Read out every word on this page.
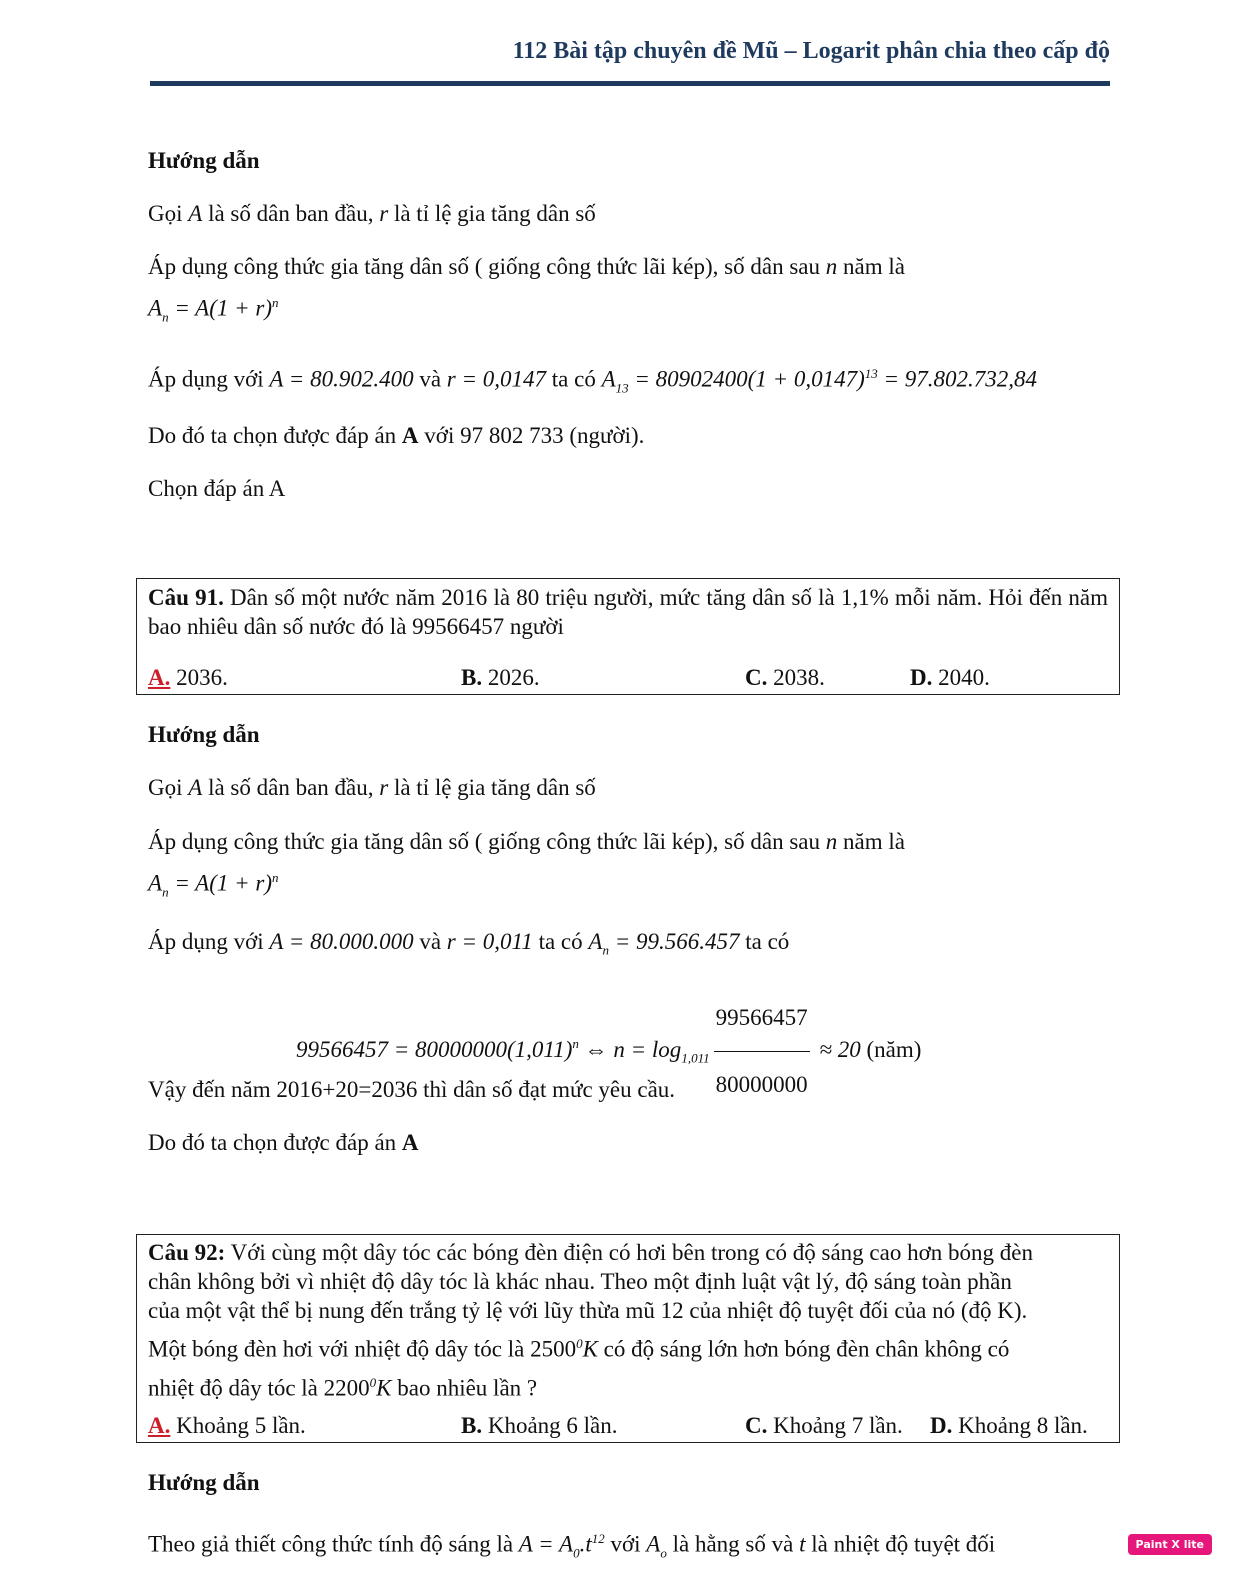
112 Bài tập chuyên đề Mũ – Logarit phân chia theo cấp độ
Hướng dẫn
Gọi A là số dân ban đầu, r là tỉ lệ gia tăng dân số
Áp dụng công thức gia tăng dân số ( giống công thức lãi kép), số dân sau n năm là
$A_n = A(1 + r)^n$
Áp dụng với A = 80.902.400 và r = 0,0147 ta có $A_{13} = 80902400(1 + 0,0147)^{13} = 97.802.732,84$
Do đó ta chọn được đáp án A với 97 802 733 (người).
Chọn đáp án A
Câu 91. Dân số một nước năm 2016 là 80 triệu người, mức tăng dân số là 1,1% mỗi năm. Hỏi đến năm bao nhiêu dân số nước đó là 99566457 người
A. 2036.	B. 2026.	C. 2038.	D. 2040.
Hướng dẫn
Gọi A là số dân ban đầu, r là tỉ lệ gia tăng dân số
Áp dụng công thức gia tăng dân số ( giống công thức lãi kép), số dân sau n năm là
$A_n = A(1 + r)^n$
Áp dụng với A = 80.000.000 và r = 0,011 ta có $A_n = 99.566.457$ ta có
$99566457 = 80000000(1,011)^n$ ⇔ $n = \log_{1,011} \frac{99566457}{80000000} \approx 20$ (năm)
Vậy đến năm 2016+20=2036 thì dân số đạt mức yêu cầu.
Do đó ta chọn được đáp án A
Câu 92: Với cùng một dây tóc các bóng đèn điện có hơi bên trong có độ sáng cao hơn bóng đèn
chân không bởi vì nhiệt độ dây tóc là khác nhau. Theo một định luật vật lý, độ sáng toàn phần
của một vật thể bị nung đến trắng tỷ lệ với lũy thừa mũ 12 của nhiệt độ tuyệt đối của nó (độ K).
Một bóng đèn hơi với nhiệt độ dây tóc là 2500$^0$K có độ sáng lớn hơn bóng đèn chân không có
nhiệt độ dây tóc là 2200$^0$K bao nhiêu lần ?
A. Khoảng 5 lần.	B. Khoảng 6 lần.	C. Khoảng 7 lần. D. Khoảng 8 lần.
Hướng dẫn
Theo giả thiết công thức tính độ sáng là $A = A_0.t^{12}$ với $A_o$ là hằng số và t là nhiệt độ tuyệt đối	Paint X lite
